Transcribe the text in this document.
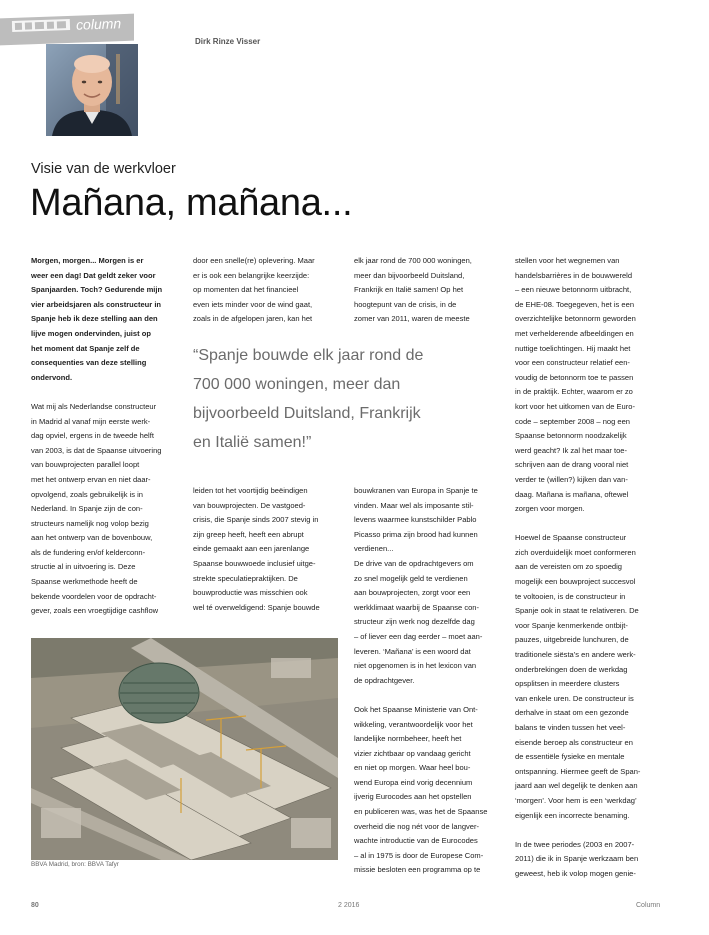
column
Dirk Rinze Visser
Visie van de werkvloer
Mañana, mañana...

Morgen, morgen... Morgen is er

weer een dag! Dat geldt zeker voor

Spanjaarden. Toch? Gedurende mijn

vier arbeidsjaren als constructeur in

Spanje heb ik deze stelling aan den

lijve mogen ondervinden, juist op

het moment dat Spanje zelf de

consequenties van deze stelling

ondervond.

Wat mij als Nederlandse constructeur

in Madrid al vanaf mijn eerste werk-

dag opviel, ergens in de tweede helft

van 2003, is dat de Spaanse uitvoering

van bouwprojecten parallel loopt

met het ontwerp ervan en niet daar-

opvolgend, zoals gebruikelijk is in

Nederland. In Spanje zijn de con-

structeurs namelijk nog volop bezig

aan het ontwerp van de bovenbouw,

als de fundering en/of kelderconn-

structie al in uitvoering is. Deze

Spaanse werkmethode heeft de

bekende voordelen voor de opdracht-

gever, zoals een vroegtijdige cashflow

door een snelle(re) oplevering. Maar

er is ook een belangrijke keerzijde:

op momenten dat het financieel

even iets minder voor de wind gaat,

zoals in de afgelopen jaren, kan het

elk jaar rond de 700 000 woningen,

meer dan bijvoorbeeld Duitsland,

Frankrijk en Italië samen! Op het

hoogtepunt van de crisis, in de

zomer van 2011, waren de meeste

“Spanje bouwde elk jaar rond de

700 000 woningen, meer dan

bijvoorbeeld Duitsland, Frankrijk

en Italië samen!”

leiden tot het voortijdig beëindigen

van bouwprojecten. De vastgoed-

crisis, die Spanje sinds 2007 stevig in

zijn greep heeft, heeft een abrupt

einde gemaakt aan een jarenlange

Spaanse bouwwoede inclusief uitge-

strekte speculatiepraktijken. De

bouwproductie was misschien ook

wel té overweldigend: Spanje bouwde

bouwkranen van Europa in Spanje te

vinden. Maar wel als imposante stil-

levens waarmee kunstschilder Pablo

Picasso prima zijn brood had kunnen

verdienen...

De drive van de opdrachtgevers om

zo snel mogelijk geld te verdienen

aan bouwprojecten, zorgt voor een

werkklimaat waarbij de Spaanse con-

structeur zijn werk nog dezelfde dag

– of liever een dag eerder – moet aan-

leveren. ‘Mañana’ is een woord dat

niet opgenomen is in het lexicon van

de opdrachtgever.

Ook het Spaanse Ministerie van Ont-

wikkeling, verantwoordelijk voor het

landelijke normbeheer, heeft het

vizier zichtbaar op vandaag gericht

en niet op morgen. Waar heel bou-

wend Europa eind vorig decennium

ijverig Eurocodes aan het opstellen

en publiceren was, was het de Spaanse

overheid die nog nét voor de langver-

wachte introductie van de Eurocodes

– al in 1975 is door de Europese Com-

missie besloten een programma op te

stellen voor het wegnemen van

handelsbarrières in de bouwwereld

– een nieuwe betonnorm uitbracht,

de EHE-08. Toegegeven, het is een

overzichtelijke betonnorm geworden

met verhelderende afbeeldingen en

nuttige toelichtingen. Hij maakt het

voor een constructeur relatief een-

voudig de betonnorm toe te passen

in de praktijk. Echter, waarom er zo

kort voor het uitkomen van de Euro-

code – september 2008 – nog een

Spaanse betonnorm noodzakelijk

werd geacht? Ik zal het maar toe-

schrijven aan de drang vooral niet

verder te (willen?) kijken dan van-

daag. Mañana is mañana, oftewel

zorgen voor morgen.

Hoewel de Spaanse constructeur

zich overduidelijk moet conformeren

aan de vereisten om zo spoedig

mogelijk een bouwproject succesvol

te voltooien, is de constructeur in

Spanje ook in staat te relativeren. De

voor Spanje kenmerkende ontbijt-

pauzes, uitgebreide lunchuren, de

traditionele siësta’s en andere werk-

onderbrekingen doen de werkdag

opsplitsen in meerdere clusters

van enkele uren. De constructeur is

derhalve in staat om een gezonde

balans te vinden tussen het veel-

eisende beroep als constructeur en

de essentiële fysieke en mentale

ontspanning. Hiermee geeft de Span-

jaard aan wel degelijk te denken aan

‘morgen’. Voor hem is een ‘werkdag’

eigenlijk een incorrecte benaming.

In de twee periodes (2003 en 2007-

2011) die ik in Spanje werkzaam ben

geweest, heb ik volop mogen genie-

BBVA Madrid, bron: BBVA Tafyr
80	2 2016	Column
